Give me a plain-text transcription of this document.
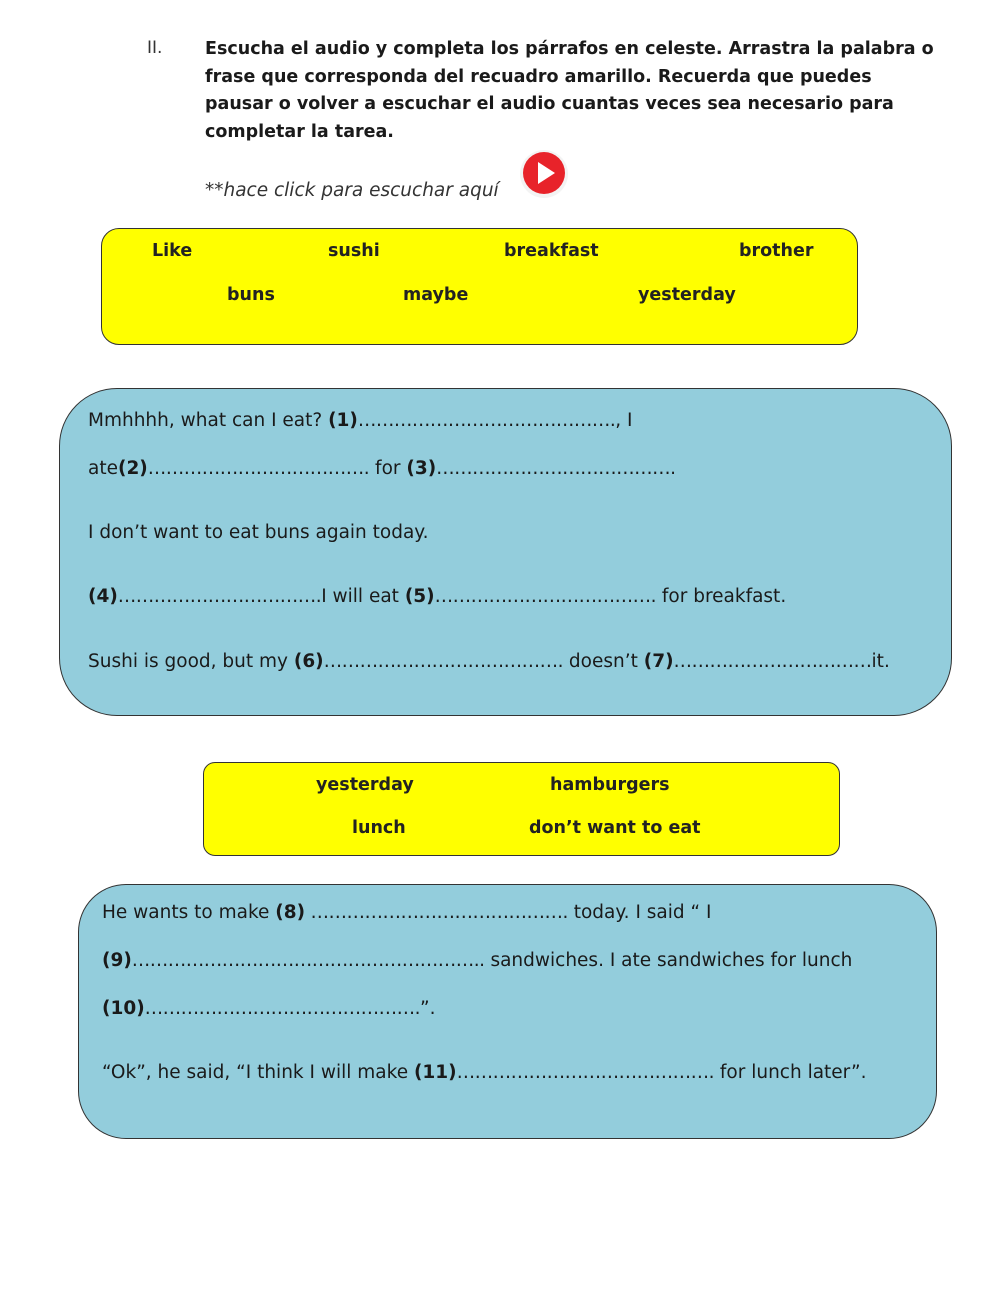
II. Escucha el audio y completa los párrafos en celeste. Arrastra la palabra o frase que corresponda del recuadro amarillo. Recuerda que puedes pausar o volver a escuchar el audio cuantas veces sea necesario para completar la tarea.
**hace click para escuchar aquí
Like	sushi	breakfast	brother
buns	maybe	yesterday
Mmhhhh, what can I eat? (1)……………………………………., I
ate(2)………………………………. for (3)………………………………….
I don’t want to eat buns again today.
(4)…………………………….I will eat (5)………………………………. for breakfast.
Sushi is good, but my (6)…………………………………. doesn’t (7)……………………………it.
yesterday	hamburgers
lunch	don’t want to eat
He wants to make (8) ……………………………………. today. I said “ I
(9)………………………………………………….. sandwiches. I ate sandwiches for lunch
(10)……………………………………….”.
“Ok”, he said, “I think I will make (11)……………………………………. for lunch later”.
